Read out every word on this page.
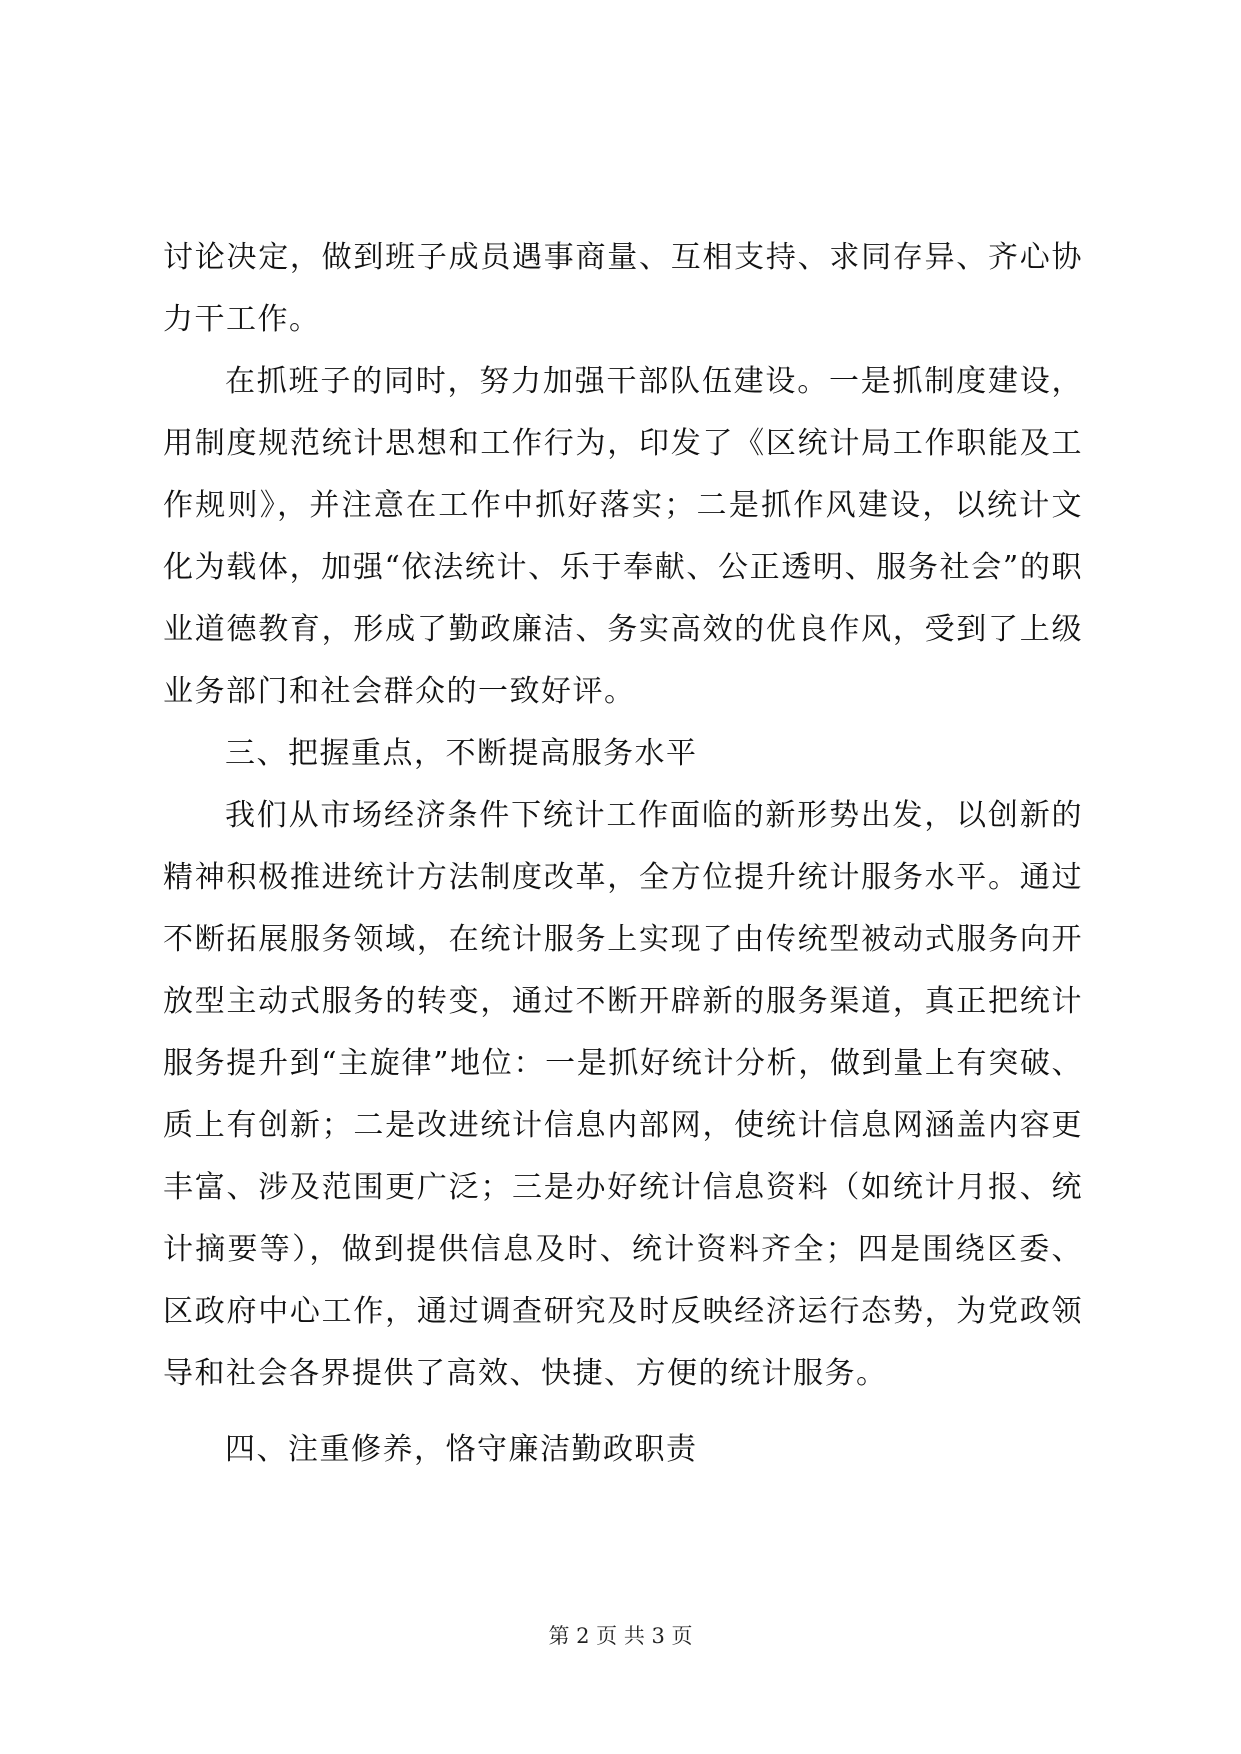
讨论决定，做到班子成员遇事商量、互相支持、求同存异、齐心协力干工作。

在抓班子的同时，努力加强干部队伍建设。一是抓制度建设，用制度规范统计思想和工作行为，印发了《区统计局工作职能及工作规则》，并注意在工作中抓好落实；二是抓作风建设，以统计文化为载体，加强“依法统计、乐于奉献、公正透明、服务社会”的职业道德教育，形成了勤政廉洁、务实高效的优良作风，受到了上级业务部门和社会群众的一致好评。

三、把握重点，不断提高服务水平

我们从市场经济条件下统计工作面临的新形势出发，以创新的精神积极推进统计方法制度改革，全方位提升统计服务水平。通过不断拓展服务领域，在统计服务上实现了由传统型被动式服务向开放型主动式服务的转变，通过不断开辟新的服务渠道，真正把统计服务提升到“主旋律”地位：一是抓好统计分析，做到量上有突破、质上有创新；二是改进统计信息内部网，使统计信息网涵盖内容更丰富、涉及范围更广泛；三是办好统计信息资料（如统计月报、统计摘要等），做到提供信息及时、统计资料齐全；四是围绕区委、区政府中心工作，通过调查研究及时反映经济运行态势，为党政领导和社会各界提供了高效、快捷、方便的统计服务。

四、注重修养，恪守廉洁勤政职责

第 2 页 共 3 页
